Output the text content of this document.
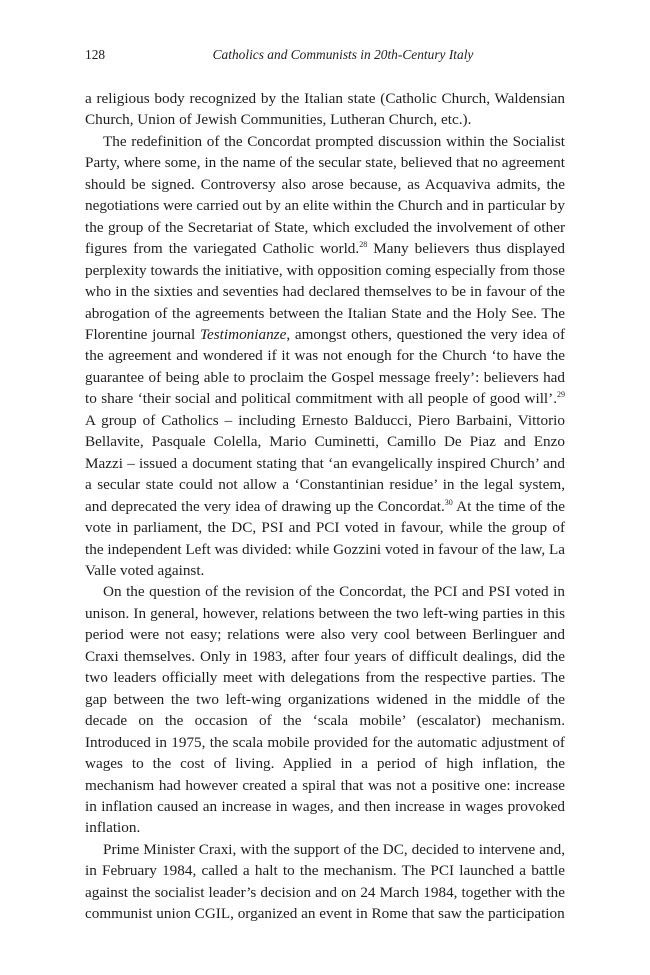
128	Catholics and Communists in 20th-Century Italy

a religious body recognized by the Italian state (Catholic Church, Waldensian Church, Union of Jewish Communities, Lutheran Church, etc.).

The redefinition of the Concordat prompted discussion within the Socialist Party, where some, in the name of the secular state, believed that no agreement should be signed. Controversy also arose because, as Acquaviva admits, the negotiations were carried out by an elite within the Church and in particular by the group of the Secretariat of State, which excluded the involvement of other figures from the variegated Catholic world.$^{28}$ Many believers thus displayed perplexity towards the initiative, with opposition coming especially from those who in the sixties and seventies had declared themselves to be in favour of the abrogation of the agreements between the Italian State and the Holy See. The Florentine journal Testimonianze, amongst others, questioned the very idea of the agreement and wondered if it was not enough for the Church ‘to have the guarantee of being able to proclaim the Gospel message freely’: believers had to share ‘their social and political commitment with all people of good will’.$^{29}$ A group of Catholics – including Ernesto Balducci, Piero Barbaini, Vittorio Bellavite, Pasquale Colella, Mario Cuminetti, Camillo De Piaz and Enzo Mazzi – issued a document stating that ‘an evangelically inspired Church’ and a secular state could not allow a ‘Constantinian residue’ in the legal system, and deprecated the very idea of drawing up the Concordat.$^{30}$ At the time of the vote in parliament, the DC, PSI and PCI voted in favour, while the group of the independent Left was divided: while Gozzini voted in favour of the law, La Valle voted against.

On the question of the revision of the Concordat, the PCI and PSI voted in unison. In general, however, relations between the two left-wing parties in this period were not easy; relations were also very cool between Berlinguer and Craxi themselves. Only in 1983, after four years of difficult dealings, did the two leaders officially meet with delegations from the respective parties. The gap between the two left-wing organizations widened in the middle of the decade on the occasion of the ‘scala mobile’ (escalator) mechanism. Introduced in 1975, the scala mobile provided for the automatic adjustment of wages to the cost of living. Applied in a period of high inflation, the mechanism had however created a spiral that was not a positive one: increase in inflation caused an increase in wages, and then increase in wages provoked inflation.

Prime Minister Craxi, with the support of the DC, decided to intervene and, in February 1984, called a halt to the mechanism. The PCI launched a battle against the socialist leader’s decision and on 24 March 1984, together with the communist union CGIL, organized an event in Rome that saw the participation
